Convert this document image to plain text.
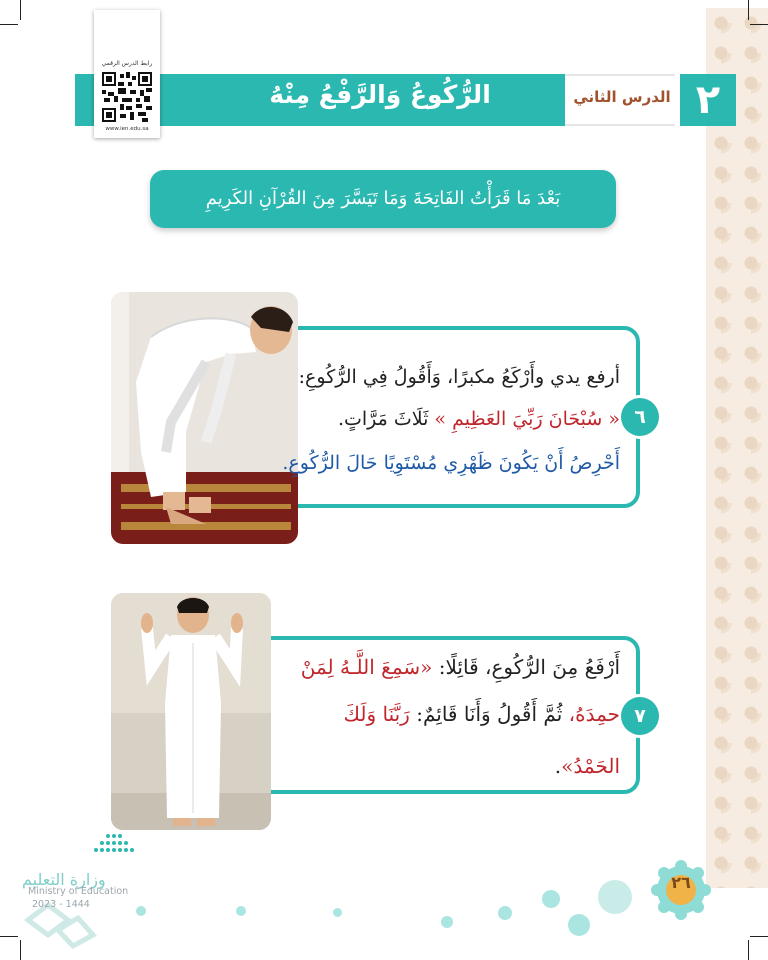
الدرس الثاني ٢
الرُّكُوعُ وَالرَّفْعُ مِنْهُ
رابط الدرس الرقمي
www.ien.edu.sa
بَعْدَ مَا قَرَأْتُ الفَاتِحَةَ وَمَا تَيَسَّرَ مِنَ القُرْآنِ الكَرِيمِ
٦
أرفع يدي وأَرْكَعُ مكبرًا، وَأَقُولُ فِي الرُّكُوعِ:
« سُبْحَانَ رَبِّيَ العَظِيمِ » ثَلَاثَ مَرَّاتٍ.
أَحْرِصُ أَنْ يَكُونَ ظَهْرِي مُسْتَوِيًا حَالَ الرُّكُوعِ.
٧
أَرْفَعُ مِنَ الرُّكُوعِ، قَائِلًا: «سَمِعَ اللَّـهُ لِمَنْ
حمِدَهُ، ثُمَّ أَقُولُ وَأَنَا قَائِمٌ: رَبَّنَا وَلَكَ
الحَمْدُ».
٢٦
وزارة التعليم
Ministry of Education
2023 - 1444
